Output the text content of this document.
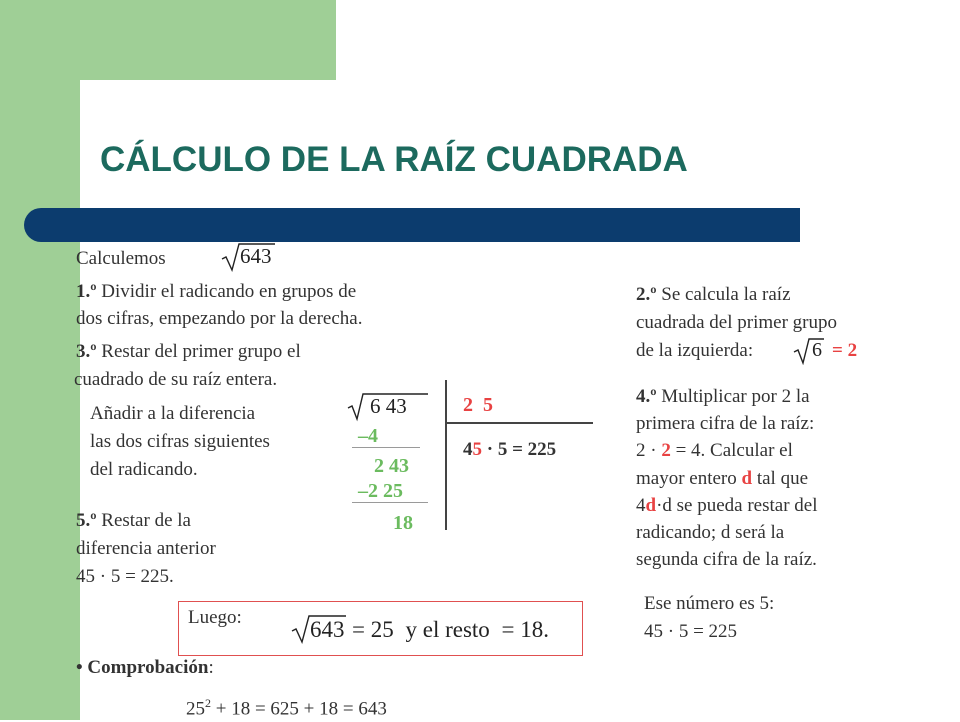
CÁLCULO DE LA RAÍZ CUADRADA
Calculemos	643
1.º Dividir el radicando en grupos de
dos cifras, empezando por la derecha.
3.º Restar del primer grupo el
cuadrado de su raíz entera.
Añadir a la diferencia
las dos cifras siguientes
del radicando.
5.º Restar de la
diferencia anterior
45 · 5 = 225.
6 43
–4
2 43
–2 25
18
2 5
45 · 5 = 225
2.º Se calcula la raíz
cuadrada del primer grupo
de la izquierda:	6 = 2
4.º Multiplicar por 2 la
primera cifra de la raíz:
2 · 2 = 4. Calcular el
mayor entero d tal que
4d·d se pueda restar del
radicando; d será la
segunda cifra de la raíz.
Ese número es 5:
45 · 5 = 225
Luego:	643 = 25 y el resto = 18.
• Comprobación:
$25^2 + 18 = 625 + 18 = 643$
